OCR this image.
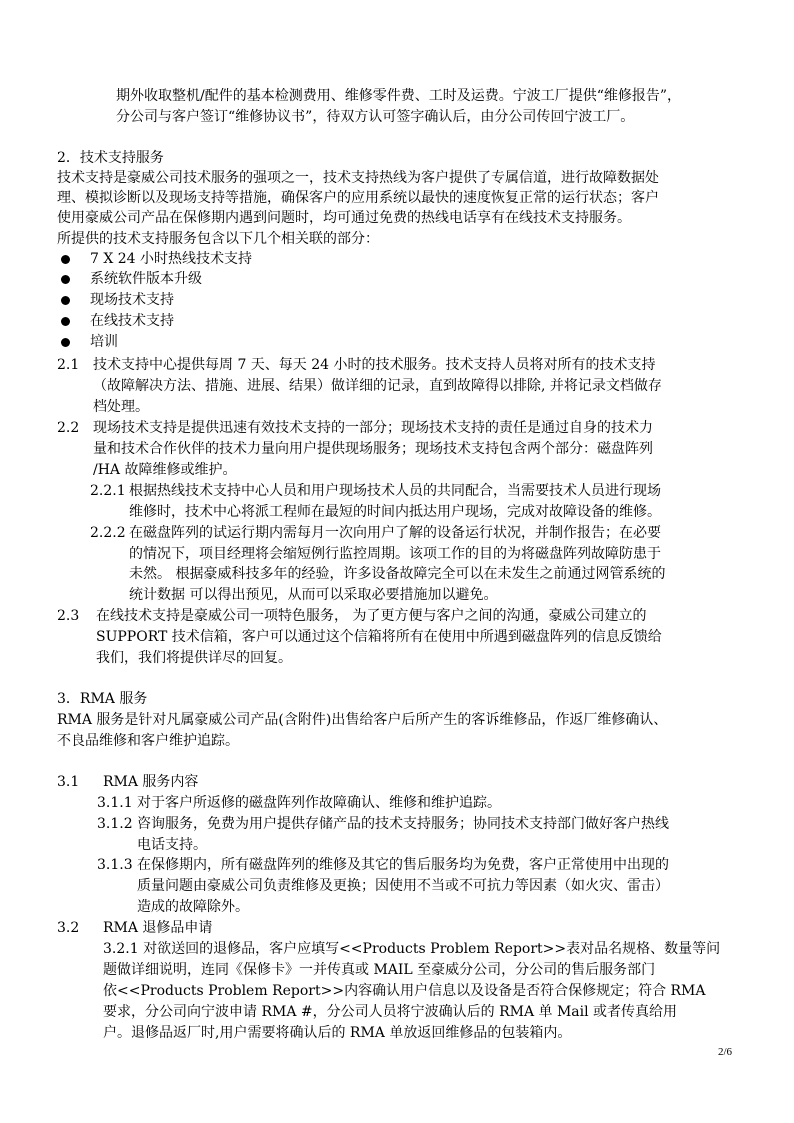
期外收取整机/配件的基本检测费用、维修零件费、工时及运费。宁波工厂提供“维修报告”，

分公司与客户签订“维修协议书”，待双方认可签字确认后，由分公司传回宁波工厂。

2．技术支持服务

技术支持是豪威公司技术服务的强项之一，技术支持热线为客户提供了专属信道，进行故障数据处

理、模拟诊断以及现场支持等措施，确保客户的应用系统以最快的速度恢复正常的运行状态；客户

使用豪威公司产品在保修期内遇到问题时，均可通过免费的热线电话享有在线技术支持服务。

所提供的技术支持服务包含以下几个相关联的部分：

7 X 24 小时热线技术支持

系统软件版本升级

现场技术支持

在线技术支持

培训

2.1 技术支持中心提供每周 7 天、每天 24 小时的技术服务。技术支持人员将对所有的技术支持

（故障解决方法、措施、进展、结果）做详细的记录，直到故障得以排除, 并将记录文档做存

档处理。

2.2 现场技术支持是提供迅速有效技术支持的一部分；现场技术支持的责任是通过自身的技术力

量和技术合作伙伴的技术力量向用户提供现场服务；现场技术支持包含两个部分：磁盘阵列

/HA 故障维修或维护。

2.2.1 根据热线技术支持中心人员和用户现场技术人员的共同配合，当需要技术人员进行现场

维修时，技术中心将派工程师在最短的时间内抵达用户现场，完成对故障设备的维修。

2.2.2 在磁盘阵列的试运行期内需每月一次向用户了解的设备运行状况，并制作报告；在必要

的情况下，项目经理将会缩短例行监控周期。该项工作的目的为将磁盘阵列故障防患于

未然。 根据豪威科技多年的经验，许多设备故障完全可以在未发生之前通过网管系统的

统计数据 可以得出预见，从而可以采取必要措施加以避免。

2.3 在线技术支持是豪威公司一项特色服务， 为了更方便与客户之间的沟通，豪威公司建立的

SUPPORT 技术信箱，客户可以通过这个信箱将所有在使用中所遇到磁盘阵列的信息反馈给

我们，我们将提供详尽的回复。

3．RMA 服务

RMA 服务是针对凡属豪威公司产品(含附件)出售给客户后所产生的客诉维修品，作返厂维修确认、

不良品维修和客户维护追踪。

3.1 RMA 服务内容

3.1.1 对于客户所返修的磁盘阵列作故障确认、维修和维护追踪。

3.1.2 咨询服务，免费为用户提供存储产品的技术支持服务；协同技术支持部门做好客户热线

电话支持。

3.1.3 在保修期内，所有磁盘阵列的维修及其它的售后服务均为免费，客户正常使用中出现的

质量问题由豪威公司负责维修及更换；因使用不当或不可抗力等因素（如火灾、雷击）

造成的故障除外。

3.2 RMA 退修品申请

3.2.1 对欲送回的退修品，客户应填写<<Products Problem Report>>表对品名规格、数量等问

题做详细说明，连同《保修卡》一并传真或 MAIL 至豪威分公司，分公司的售后服务部门

依<<Products Problem Report>>内容确认用户信息以及设备是否符合保修规定；符合 RMA

要求，分公司向宁波申请 RMA #，分公司人员将宁波确认后的 RMA 单 Mail 或者传真给用

户。退修品返厂时,用户需要将确认后的 RMA 单放返回维修品的包装箱内。

2/6
